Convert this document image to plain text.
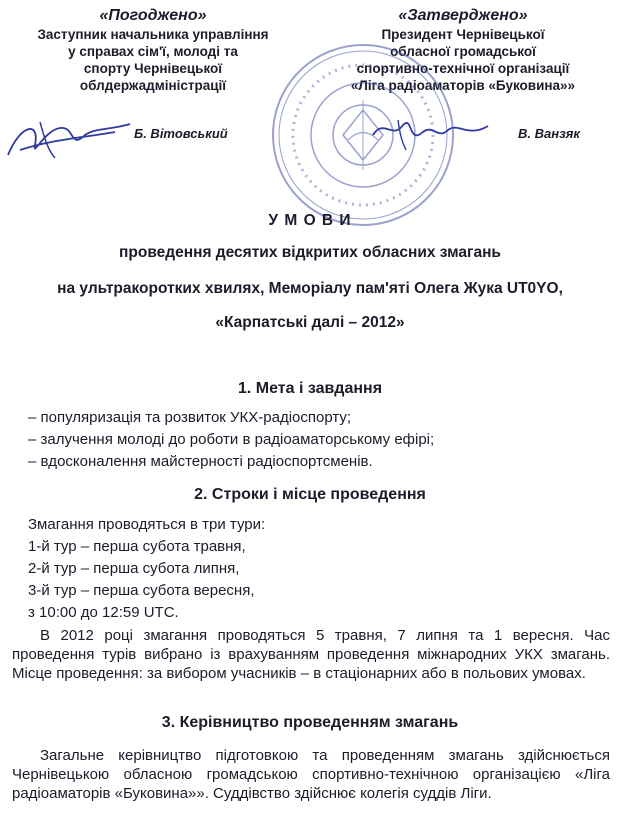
«Погоджено»
Заступник начальника управління
у справах сім'ї, молоді та
спорту Чернівецької
облдержадміністрації
«Затверджено»
Президент Чернівецької
обласної громадської
спортивно-технічної організації
«Ліга радіоаматорів «Буковина»»
Б. Вітовський	В. Ванзяк
У М О В И
проведення десятих відкритих обласних змагань
на ультракоротких хвилях, Меморіалу пам'яті Олега Жука UT0YO,
«Карпатські далі – 2012»
1. Мета і завдання
– популяризація та розвиток УКХ-радіоспорту;
– залучення молоді до роботи в радіоаматорському ефірі;
– вдосконалення майстерності радіоспортсменів.
2. Строки і місце проведення
Змагання проводяться в три тури:
1-й тур – перша субота травня,
2-й тур – перша субота липня,
3-й тур – перша субота вересня,
з 10:00 до 12:59 UTC.
В 2012 році змагання проводяться 5 травня, 7 липня та 1 вересня. Час проведення турів вибрано із врахуванням проведення міжнародних УКХ змагань. Місце проведення: за вибором учасників – в стаціонарних або в польових умовах.
3. Керівництво проведенням змагань
Загальне керівництво підготовкою та проведенням змагань здійснюється Чернівецькою обласною громадською спортивно-технічною організацією «Ліга радіоаматорів «Буковина»». Суддівство здійснює колегія суддів Ліги.
